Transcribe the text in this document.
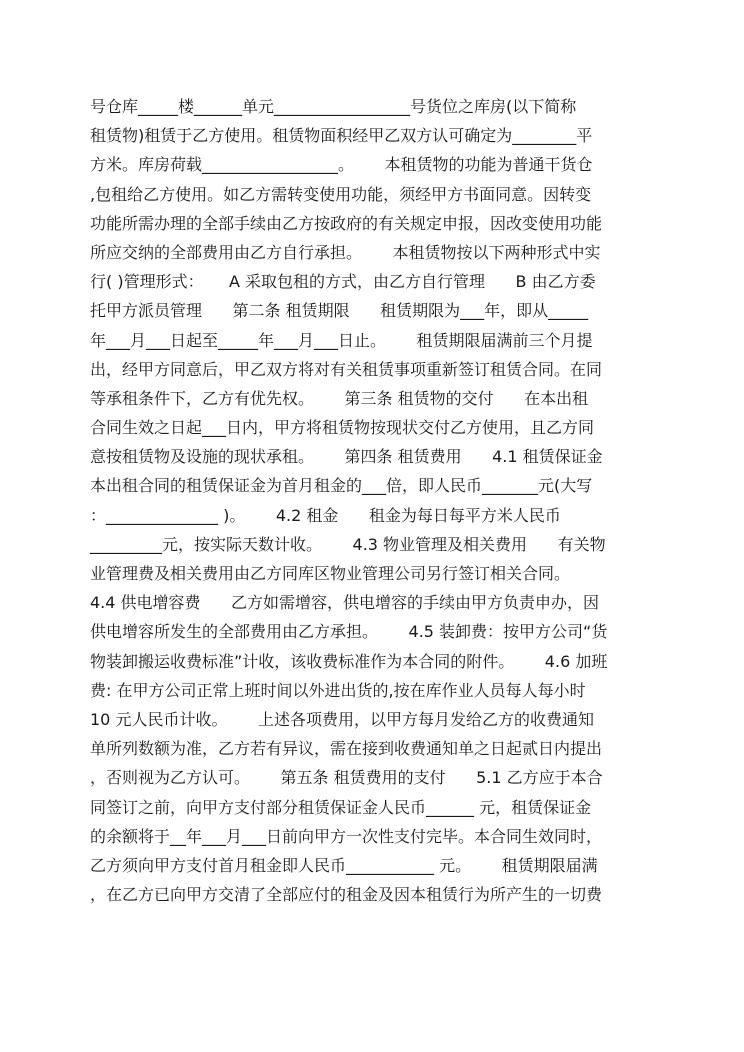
号仓库_____楼______单元_________________号货位之库房(以下简称
租赁物)租赁于乙方使用。租赁物面积经甲乙双方认可确定为________平
方米。库房荷载_________________。      本租赁物的功能为普通干货仓
,包租给乙方使用。如乙方需转变使用功能，须经甲方书面同意。因转变
功能所需办理的全部手续由乙方按政府的有关规定申报，因改变使用功能
所应交纳的全部费用由乙方自行承担。      本租赁物按以下两种形式中实
行( )管理形式：     A 采取包租的方式，由乙方自行管理      B 由乙方委
托甲方派员管理      第二条 租赁期限      租赁期限为___年，即从_____
年___月___日起至_____年___月___日止。      租赁期限届满前三个月提
出，经甲方同意后，甲乙双方将对有关租赁事项重新签订租赁合同。在同
等承租条件下，乙方有优先权。      第三条 租赁物的交付      在本出租
合同生效之日起___日内，甲方将租赁物按现状交付乙方使用，且乙方同
意按租赁物及设施的现状承租。      第四条 租赁费用      4.1 租赁保证金
本出租合同的租赁保证金为首月租金的___倍，即人民币_______元(大写
：______________ )。      4.2 租金      租金为每日每平方米人民币
_________元，按实际天数计收。      4.3 物业管理及相关费用      有关物
业管理费及相关费用由乙方同库区物业管理公司另行签订相关合同。
4.4 供电增容费      乙方如需增容，供电增容的手续由甲方负责申办，因
供电增容所发生的全部费用由乙方承担。      4.5 装卸费：按甲方公司“货
物装卸搬运收费标准”计收，该收费标准作为本合同的附件。      4.6 加班
费: 在甲方公司正常上班时间以外进出货的,按在库作业人员每人每小时
10 元人民币计收。      上述各项费用，以甲方每月发给乙方的收费通知
单所列数额为准，乙方若有异议，需在接到收费通知单之日起贰日内提出
，否则视为乙方认可。      第五条 租赁费用的支付      5.1 乙方应于本合
同签订之前，向甲方支付部分租赁保证金人民币______ 元，租赁保证金
的余额将于__年___月___日前向甲方一次性支付完毕。本合同生效同时，
乙方须向甲方支付首月租金即人民币___________ 元。      租赁期限届满
，在乙方已向甲方交清了全部应付的租金及因本租赁行为所产生的一切费
